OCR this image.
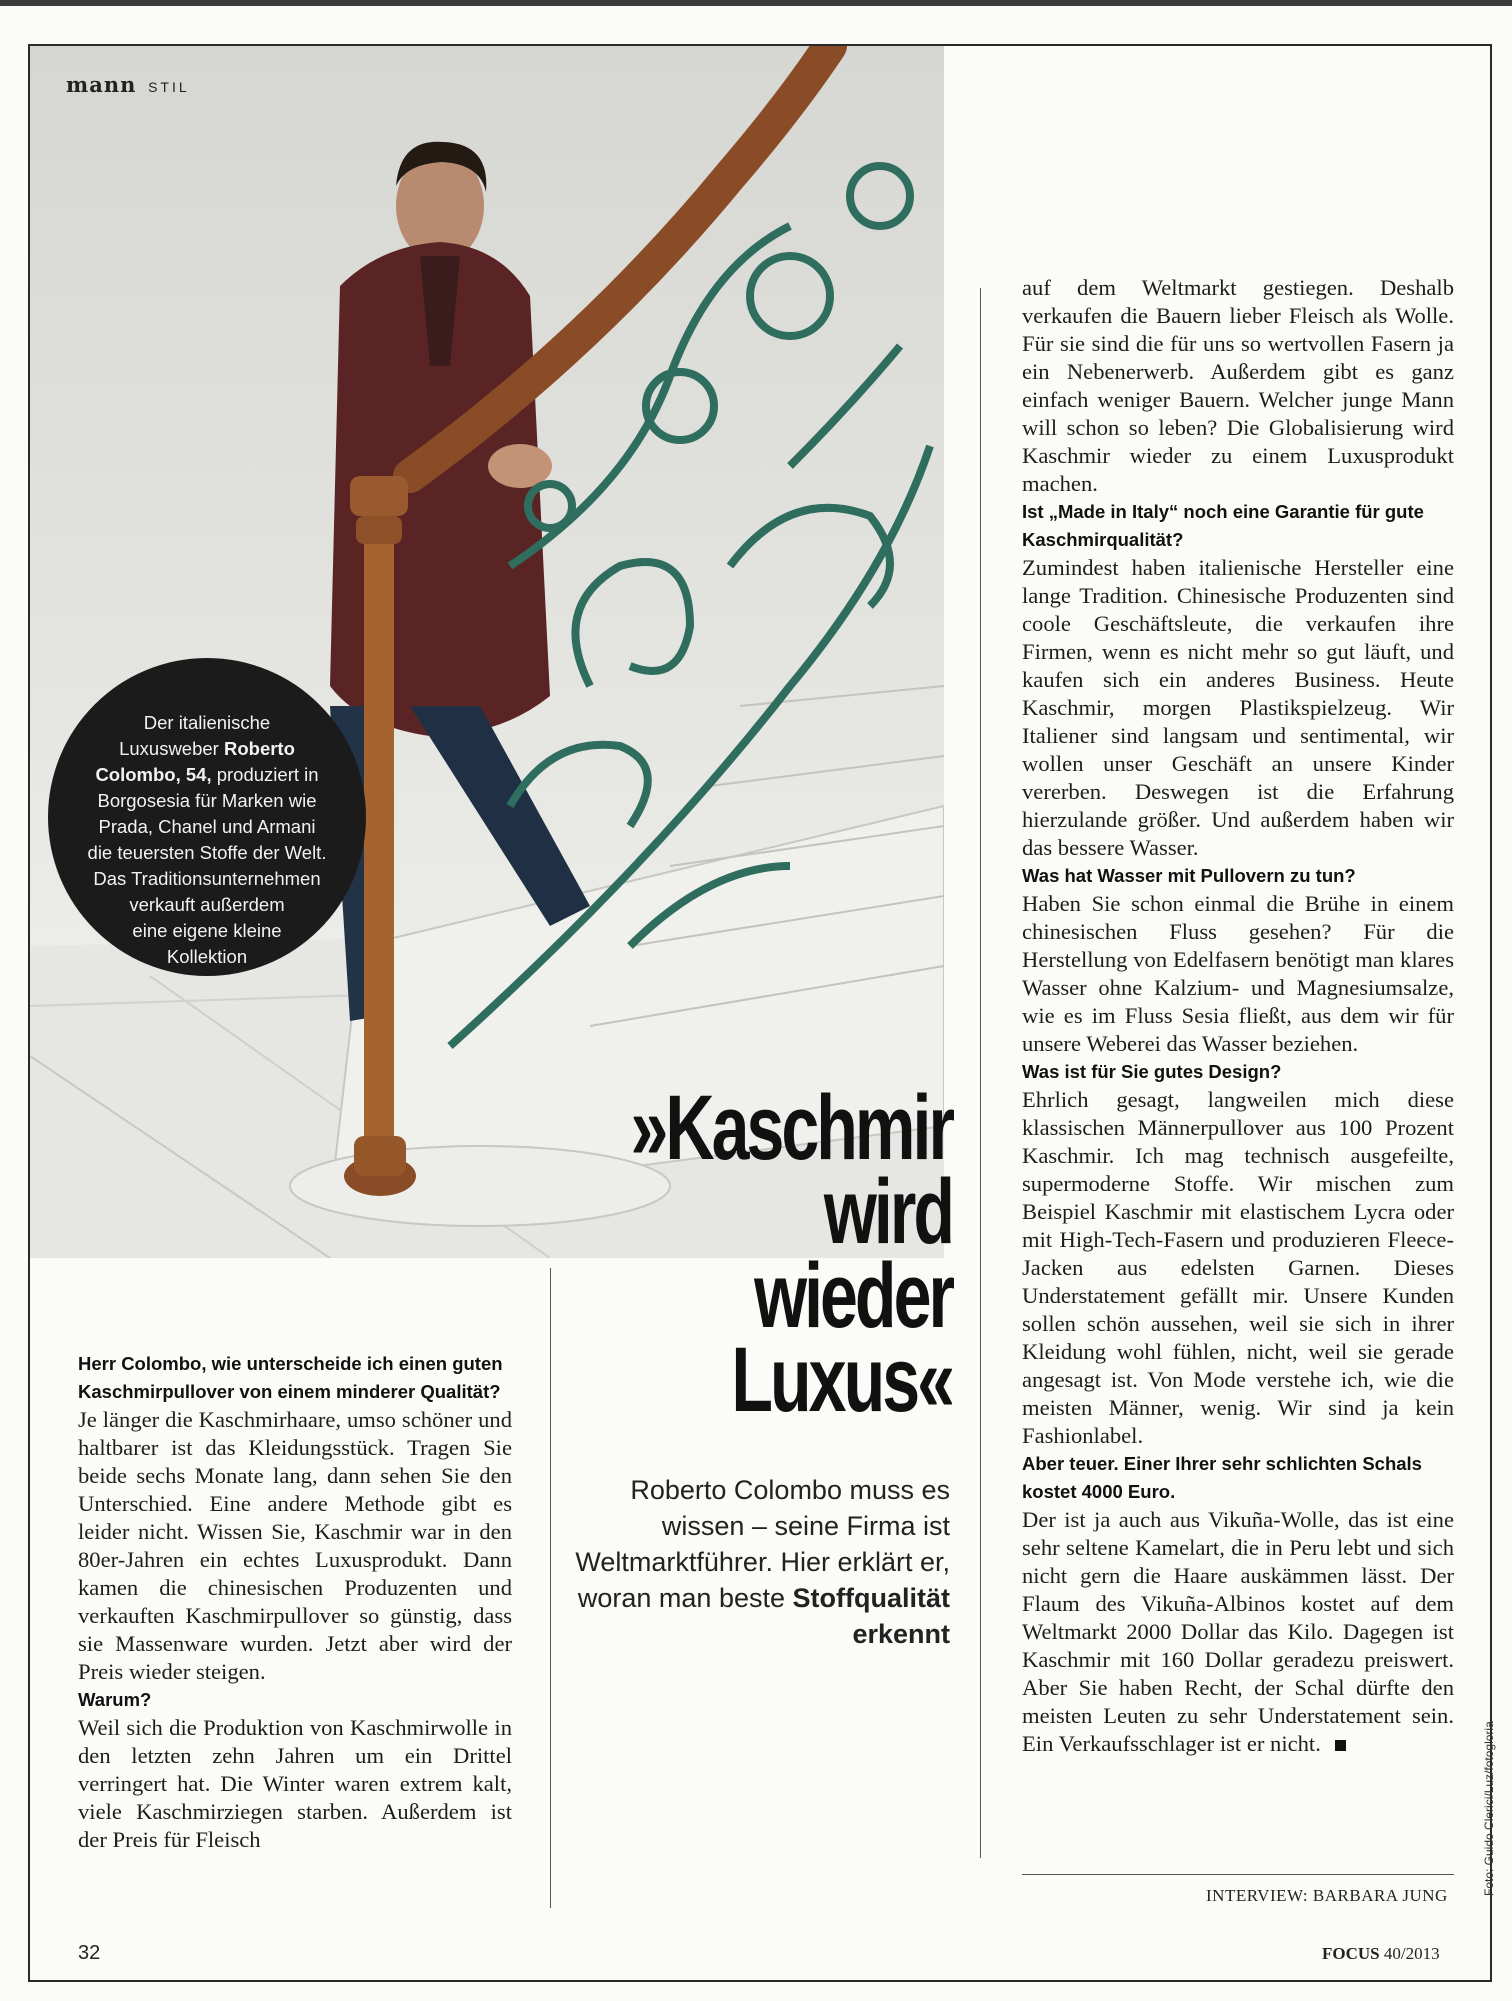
mann STIL
Der italienische
Luxusweber Roberto
Colombo, 54, produziert in
Borgosesia für Marken wie
Prada, Chanel und Armani
die teuersten Stoffe der Welt.
Das Traditionsunternehmen
verkauft außerdem
eine eigene kleine
Kollektion
»Kaschmir
wird
wieder
Luxus«
Roberto Colombo muss es wissen – seine Firma ist Weltmarktführer. Hier erklärt er, woran man beste Stoffqualität erkennt

Herr Colombo, wie unterscheide ich einen guten Kaschmirpullover von einem minderer Qualität?

Je länger die Kaschmirhaare, umso schöner und haltbarer ist das Kleidungsstück. Tragen Sie beide sechs Monate lang, dann sehen Sie den Unterschied. Eine andere Methode gibt es leider nicht. Wissen Sie, Kaschmir war in den 80er-Jahren ein echtes Luxusprodukt. Dann kamen die chinesischen Produzenten und verkauften Kaschmirpullover so günstig, dass sie Massenware wurden. Jetzt aber wird der Preis wieder steigen.

Warum?

Weil sich die Produktion von Kaschmirwolle in den letzten zehn Jahren um ein Drittel verringert hat. Die Winter waren extrem kalt, viele Kaschmirziegen starben. Außerdem ist der Preis für Fleisch

auf dem Weltmarkt gestiegen. Deshalb verkaufen die Bauern lieber Fleisch als Wolle. Für sie sind die für uns so wertvollen Fasern ja ein Nebenerwerb. Außerdem gibt es ganz einfach weniger Bauern. Welcher junge Mann will schon so leben? Die Globalisierung wird Kaschmir wieder zu einem Luxusprodukt machen.

Ist „Made in Italy“ noch eine Garantie für gute Kaschmirqualität?

Zumindest haben italienische Hersteller eine lange Tradition. Chinesische Produzenten sind coole Geschäftsleute, die verkaufen ihre Firmen, wenn es nicht mehr so gut läuft, und kaufen sich ein anderes Business. Heute Kaschmir, morgen Plastikspielzeug. Wir Italiener sind langsam und sentimental, wir wollen unser Geschäft an unsere Kinder vererben. Deswegen ist die Erfahrung hierzulande größer. Und außerdem haben wir das bessere Wasser.

Was hat Wasser mit Pullovern zu tun?

Haben Sie schon einmal die Brühe in einem chinesischen Fluss gesehen? Für die Herstellung von Edelfasern benötigt man klares Wasser ohne Kalzium- und Magnesiumsalze, wie es im Fluss Sesia fließt, aus dem wir für unsere Weberei das Wasser beziehen.

Was ist für Sie gutes Design?

Ehrlich gesagt, langweilen mich diese klassischen Männerpullover aus 100 Prozent Kaschmir. Ich mag technisch ausgefeilte, supermoderne Stoffe. Wir mischen zum Beispiel Kaschmir mit elastischem Lycra oder mit High-Tech-Fasern und produzieren Fleece-Jacken aus edelsten Garnen. Dieses Understatement gefällt mir. Unsere Kunden sollen schön aussehen, weil sie sich in ihrer Kleidung wohl fühlen, nicht, weil sie gerade angesagt ist. Von Mode verstehe ich, wie die meisten Männer, wenig. Wir sind ja kein Fashionlabel.

Aber teuer. Einer Ihrer sehr schlichten Schals kostet 4000 Euro.

Der ist ja auch aus Vikuña-Wolle, das ist eine sehr seltene Kamelart, die in Peru lebt und sich nicht gern die Haare auskämmen lässt. Der Flaum des Vikuña-Albinos kostet auf dem Weltmarkt 2000 Dollar das Kilo. Dagegen ist Kaschmir mit 160 Dollar geradezu preiswert. Aber Sie haben Recht, der Schal dürfte den meisten Leuten zu sehr Understatement sein. Ein Verkaufsschlager ist er nicht.

INTERVIEW: BARBARA JUNG	Foto: Guido Clerici/Luz/fotogloria
32	FOCUS 40/2013
